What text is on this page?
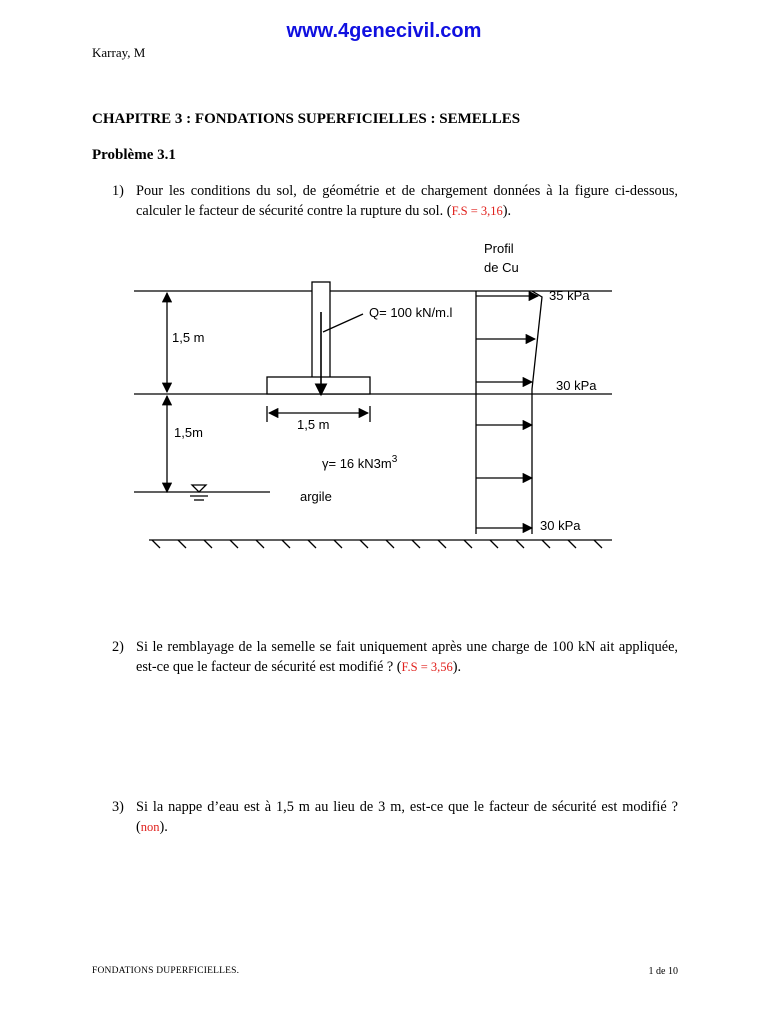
www.4genecivil.com
Karray, M
CHAPITRE 3 : FONDATIONS SUPERFICIELLES : SEMELLES
Problème 3.1
1) Pour les conditions du sol, de géométrie et de chargement données à la figure ci-dessous, calculer le facteur de sécurité contre la rupture du sol. (F.S = 3,16).
Profil
de Cu
Q= 100 kN/m.l
1,5 m
1,5m
1,5 m
γ= 16 $kN3m^3$
argile
35 kPa
30 kPa
30 kPa
2) Si le remblayage de la semelle se fait uniquement après une charge de 100 kN ait appliquée, est-ce que le facteur de sécurité est modifié ? (F.S = 3,56).
3) Si la nappe d’eau est à 1,5 m au lieu de 3 m, est-ce que le facteur de sécurité est modifié ? (non).
FONDATIONS DUPERFICIELLES.	1 de 10
